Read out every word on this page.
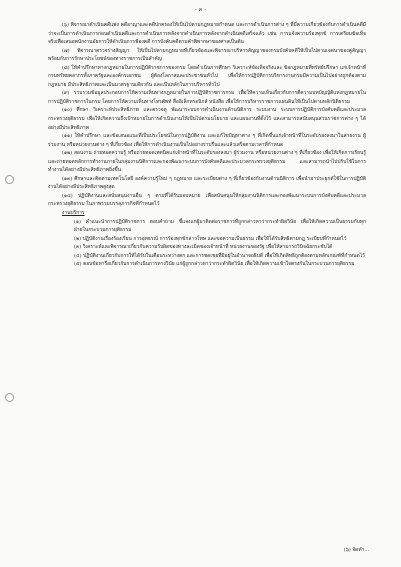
- ๓ -

(๖) พิจารณาดำเนินคดีแพ่ง คดีอาญาและคดีปกครองให้เป็นไปตามกฎหมายกำหนด และการดำเนินการต่าง ๆ ที่มีความเกี่ยวข้องกับการดำเนินคดีมีว่าจะเป็นการดำเนินการก่อนดำเนินคดีและการดำเนินการหลังจากดำเนินการหลังจากดำเนินคดีเสร็จแล้ว เช่น การแจ้งความร้องทุกข์ การเตรียมข้อเท็จจริงเพื่อเสนอพนักงานอัยการให้ดำเนินการฟ้องคดี การบังคับคดีตามคำพิพากษาของศาลเป็นต้น

(๗) พิจารณาตรวจร่างสัญญา ให้เป็นไปตามกฎหมายที่เกี่ยวข้องและพิจารณาบริหารสัญญาของกรมบังคับคดีให้เป็นไปตามเจตนาของคู่สัญญา พร้อมกับการรักษาประโยชน์ของทางราชการเป็นสำคัญ

(๘) ให้คำปรึกษาทางกฎหมายในการปฏิบัติราชการของกรม โดยดำเนินการศึกษา วิเคราะห์ข้อเท็จจริงและ ข้อกฎหมายที่ทรัพย์ปรึกษา แก่เจ้าหน้าที่กรมทรัพยคลากรทั้งภาครัฐและองค์กรเอกชน ผู้ต้องโลกาสและประชาชนทั่วไป เพื่อให้การปฏิบัติการบริหารงานกรมมีความเป็นไปอย่างถูกต้องตามกฎหมาย มีประสิทธิภาพและเป็นมาตรฐานเดียวกัน และเป็นหลักในการบริหารทั่วไป

(๙) รวบรวมข้อมูลประกอบการให้ความเห็นทางกฎหมายในการปฏิบัติราชการกรม เพื่อให้ความเห็นเกี่ยวกับการตีความบทบัญญัติแห่งกฎหมายในการปฏิบัติราชการในกรม โดยการให้ความเห็นทางโทรศัพท์ สื่ออิเล็กทรอนิกส์ หนังสือ เพื่อให้การบริหารราชการแผ่นดินให้เป็นไปตามหลักนิติธรรม

(๑๐) ศึกษา วิเคราะห์ประสิทธิภาพ และตรวจดู พัฒนาระบบการดำเนินงานด้านนิติการ ระบบงาน ระบบการปฏิบัติการบังคับคดีและประมวลกระทรวงยุติธรรม เพื่อให้เกิดความถึงเป้าหมายในการดำเนินงานให้เป็นไปตามนโยบาย และแผนงานที่ตั้งไว้ และสามารถสนับสนุนส่วนราชการต่าง ๆ ได้อย่างมีประสิทธิภาพ

(๑๑) ให้คำปรึกษา และข้อเสนอแนะที่เป็นประโยชน์ในการปฏิบัติงาน และแก้ไขปัญหาต่าง ๆ ที่เกิดขึ้นแก่เจ้าหน้าที่ในระดับรองลงมาในสายงาน ผู้ร่วมงาน หรือหน่วยงานต่าง ๆ ที่เกี่ยวข้อง เพื่อให้การดำเนินงานเป็นไปอย่างราบรื่นและแล้วเสร็จตามเวลาที่กำหนด

(๑๒) สอนงาน ถ่ายทอดความรู้ หรือถ่ายทอดเทคนิคแก่เจ้าหน้าที่ในระดับรองลงมา ผู้ร่วมงาน หรือหน่วยงานต่าง ๆ ที่เกี่ยวข้อง เพื่อให้เกิดการเรียนรู้และถ่ายทอดหลักการทำงานภายในกลุ่มงานนิติการและกองพัฒนาระบบการบังคับคดีและประมวลกระทรวงยุติธรรม และสามารถนำไปปรับใช้ในการทำงานได้อย่างมีประสิทธิภาพยิ่งขึ้น

(๑๓) ศึกษาและติดตามเทคโนโลยี องค์ความรู้ใหม่ ๆ กฎหมาย และระเบียบต่าง ๆ ที่เกี่ยวข้องกับงานด้านนิติการ เพื่อนำมาประยุกต์ใช้ในการปฏิบัติงานได้อย่างมีประสิทธิภาพสูงสุด

(๑๔) ปฏิบัติงานและสนับสนุนงานอื่น ๆ ตามที่ได้รับมอบหมาย เพื่อสนับสนุนให้กลุ่มงานนิติการและกองพัฒนาระบบการบังคับคดีและประมวลกระทรวงยุติธรรม ในภาพรวมบรรลุภารกิจที่กำหนดไว้

งานบริการ

(๑) คำแนะนำการปฏิบัติราชการ ตอบคำถาม ชี้แจงแก่ผู้มาติดต่อราชการที่ถูกกล่าวหาว่ากระทำผิดวินัย เพื่อให้เกิดความเป็นธรรมกับทุกฝ่ายในกระบวนการยุติธรรม

(๒) ปฏิบัติงานเรื่องร้องเรียน การอุทธรณ์ การร้องทุกข์กล่าวโทษ และขอความเป็นธรรม เพื่อให้ได้รับสิทธิตามกฎ ระเบียบที่กำหนดไว้

(๓) วิเคราะห์และพิจารณาเกี่ยวกับความรับผิดของทางละเมิดของเจ้าหน้าที่ หน่วยงานของรัฐ เพื่อให้สามารถวินิจฉัยกระชับได้

(๔) ปฏิบัติงานเกี่ยวกับการให้ได้รับในเตือนระหว่างตก และการชดเชยที่มิอยู่ในอำนาจอธิบดี เพื่อให้เกิดสิทธิถูกต้องตามหลักเกณฑ์ที่กำหนดไว้

(๕) ตอบข้อหารือเกี่ยวกับการดำเนินการทางวินัย แก่ผู้ถูกกล่าวหาว่ากระทำผิดวินัย เพื่อให้เกิดความเข้าใจตรงกันในกระบวนการยุติธรรม

(๖) จัดทำ...
